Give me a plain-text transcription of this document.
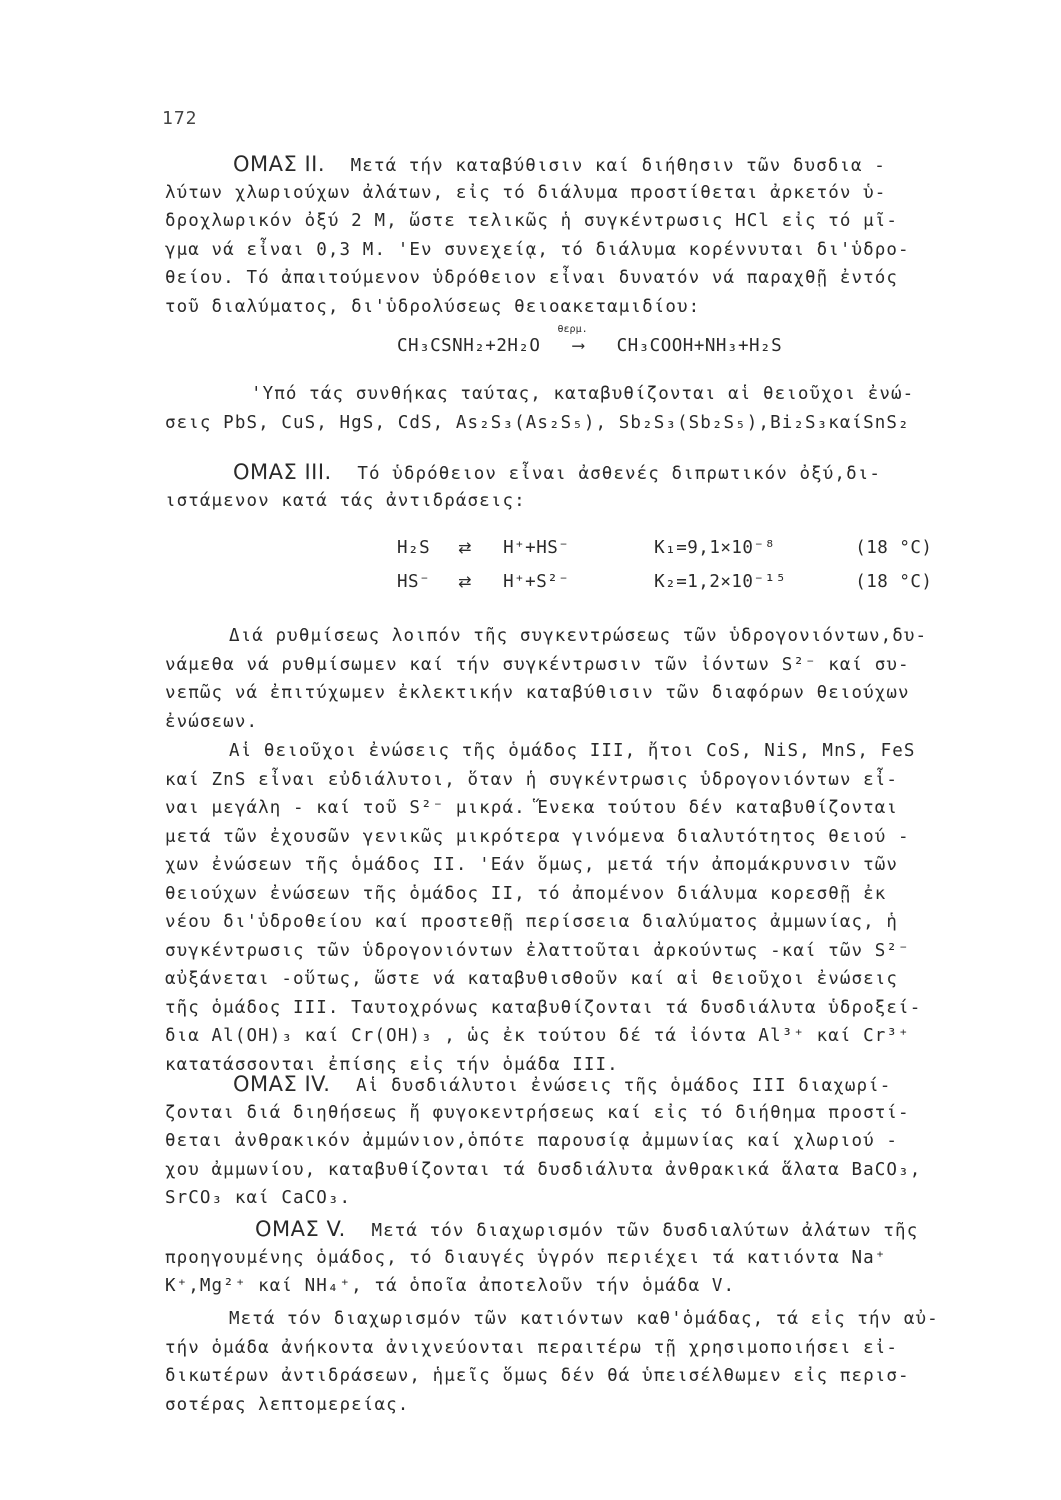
172
ΟΜΑΣ ΙΙ. Μετά τήν καταβύθισιν καί διήθησιν τῶν δυσδια -
λύτων χλωριούχων ἀλάτων, εἰς τό διάλυμα προστίθεται ἀρκετόν ὑ-
δροχλωρικόν ὀξύ 2 Μ, ὥστε τελικῶς ἡ συγκέντρωσις HCl εἰς τό μῖ-
γμα νά εἶναι 0,3 Μ. 'Εν συνεχείᾳ, τό διάλυμα κορέννυται δι'ὑδρο-
θείου. Τό ἀπαιτούμενον ὑδρόθειον εἶναι δυνατόν νά παραχθῇ ἐντός
τοῦ διαλύματος, δι'ὑδρολύσεως θειοακεταμιδίου:
CH₃CSNH₂+2H₂O
θερμ.
⟶ CH₃COOH+NH₃+H₂S
'Υπό τάς συνθήκας ταύτας, καταβυθίζονται αἱ θειοῦχοι ἐνώ-
σεις PbS, CuS, HgS, CdS, As₂S₃(As₂S₅), Sb₂S₃(Sb₂S₅),Bi₂S₃καίSnS₂
ΟΜΑΣ ΙΙΙ. Τό ὑδρόθειον εἶναι ἀσθενές διπρωτικόν ὀξύ,δι-
ιστάμενον κατά τάς ἀντιδράσεις:
H₂S ⇄ H⁺+HS⁻	K₁=9,1×10⁻⁸	(18 °C)
HS⁻ ⇄ H⁺+S²⁻	K₂=1,2×10⁻¹⁵	(18 °C)
Διά ρυθμίσεως λοιπόν τῆς συγκεντρώσεως τῶν ὑδρογονιόντων,δυ-
νάμεθα νά ρυθμίσωμεν καί τήν συγκέντρωσιν τῶν ἰόντων S²⁻ καί συ-
νεπῶς νά ἐπιτύχωμεν ἐκλεκτικήν καταβύθισιν τῶν διαφόρων θειούχων
ἐνώσεων.
Αἱ θειοῦχοι ἐνώσεις τῆς ὁμάδος III, ἤτοι CoS, NiS, MnS, FeS
καί ZnS εἶναι εὐδιάλυτοι, ὅταν ἡ συγκέντρωσις ὑδρογονιόντων εἶ-
ναι μεγάλη - καί τοῦ S²⁻ μικρά. Ἕνεκα τούτου δέν καταβυθίζονται
μετά τῶν ἐχουσῶν γενικῶς μικρότερα γινόμενα διαλυτότητος θειού -
χων ἐνώσεων τῆς ὁμάδος II. 'Εάν ὅμως, μετά τήν ἀπομάκρυνσιν τῶν
θειούχων ἐνώσεων τῆς ὁμάδος II, τό ἀπομένον διάλυμα κορεσθῇ ἐκ
νέου δι'ὑδροθείου καί προστεθῇ περίσσεια διαλύματος ἀμμωνίας, ἡ
συγκέντρωσις τῶν ὑδρογονιόντων ἐλαττοῦται ἀρκούντως -καί τῶν S²⁻
αὐξάνεται -οὕτως, ὥστε νά καταβυθισθοῦν καί αἱ θειοῦχοι ἐνώσεις
τῆς ὁμάδος III. Ταυτοχρόνως καταβυθίζονται τά δυσδιάλυτα ὑδροξεί-
δια Al(OH)₃ καί Cr(OH)₃ , ὡς ἐκ τούτου δέ τά ἰόντα Al³⁺ καί Cr³⁺
κατατάσσονται ἐπίσης εἰς τήν ὁμάδα III.
ΟΜΑΣ ΙV. Αἱ δυσδιάλυτοι ἐνώσεις τῆς ὁμάδος III διαχωρί-
ζονται διά διηθήσεως ἤ φυγοκεντρήσεως καί εἰς τό διήθημα προστί-
θεται ἀνθρακικόν ἀμμώνιον,ὁπότε παρουσίᾳ ἀμμωνίας καί χλωριού -
χου ἀμμωνίου, καταβυθίζονται τά δυσδιάλυτα ἀνθρακικά ἅλατα BaCO₃,
SrCO₃ καί CaCO₃.
ΟΜΑΣ V. Μετά τόν διαχωρισμόν τῶν δυσδιαλύτων ἀλάτων τῆς
προηγουμένης ὁμάδος, τό διαυγές ὑγρόν περιέχει τά κατιόντα Na⁺
K⁺,Mg²⁺ καί NH₄⁺, τά ὁποῖα ἀποτελοῦν τήν ὁμάδα V.
Μετά τόν διαχωρισμόν τῶν κατιόντων καθ'ὁμάδας, τά εἰς τήν αὐ-
τήν ὁμάδα ἀνήκοντα ἀνιχνεύονται περαιτέρω τῇ χρησιμοποιήσει εἰ-
δικωτέρων ἀντιδράσεων, ἡμεῖς ὅμως δέν θά ὑπεισέλθωμεν εἰς περισ-
σοτέρας λεπτομερείας.
